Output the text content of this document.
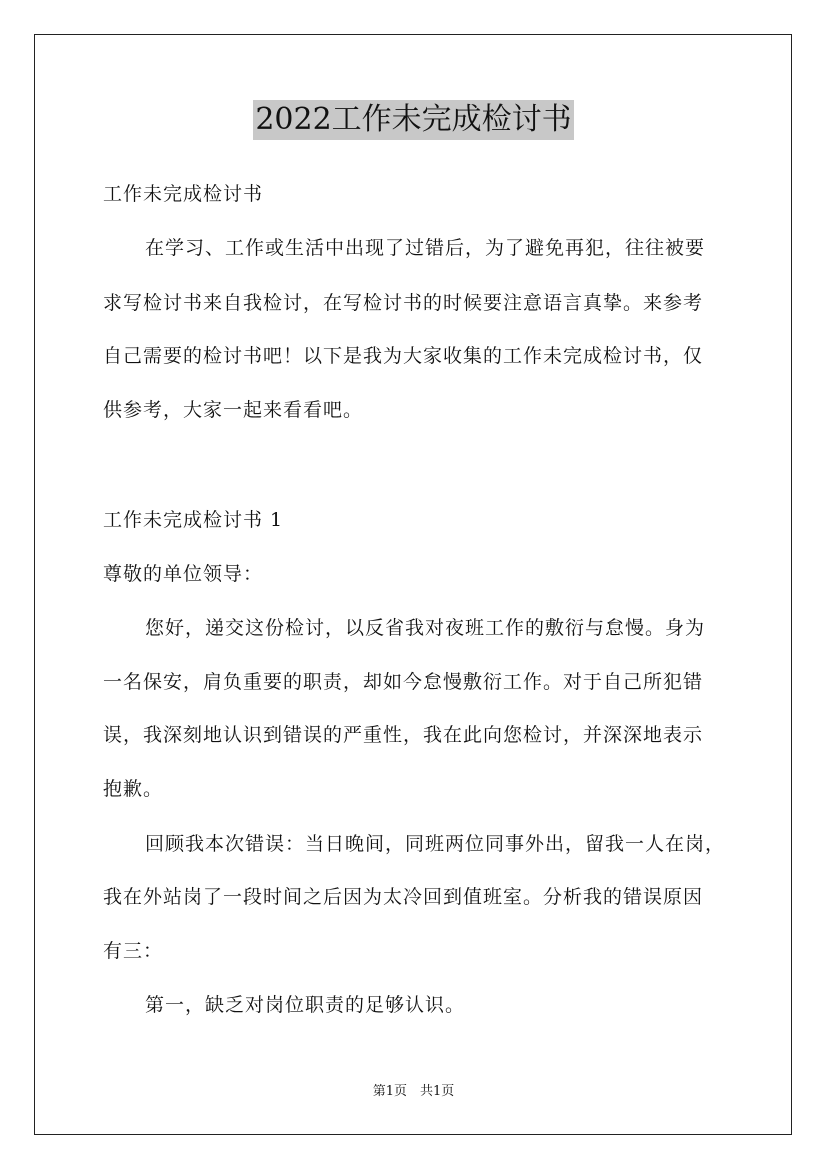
2022工作未完成检讨书
工作未完成检讨书
在学习、工作或生活中出现了过错后，为了避免再犯，往往被要
求写检讨书来自我检讨，在写检讨书的时候要注意语言真挚。来参考
自己需要的检讨书吧！以下是我为大家收集的工作未完成检讨书，仅
供参考，大家一起来看看吧。
工作未完成检讨书 1
尊敬的单位领导：
您好，递交这份检讨，以反省我对夜班工作的敷衍与怠慢。身为
一名保安，肩负重要的职责，却如今怠慢敷衍工作。对于自己所犯错
误，我深刻地认识到错误的严重性，我在此向您检讨，并深深地表示
抱歉。
回顾我本次错误：当日晚间，同班两位同事外出，留我一人在岗，
我在外站岗了一段时间之后因为太冷回到值班室。分析我的错误原因
有三：
第一，缺乏对岗位职责的足够认识。
第1页　共1页
